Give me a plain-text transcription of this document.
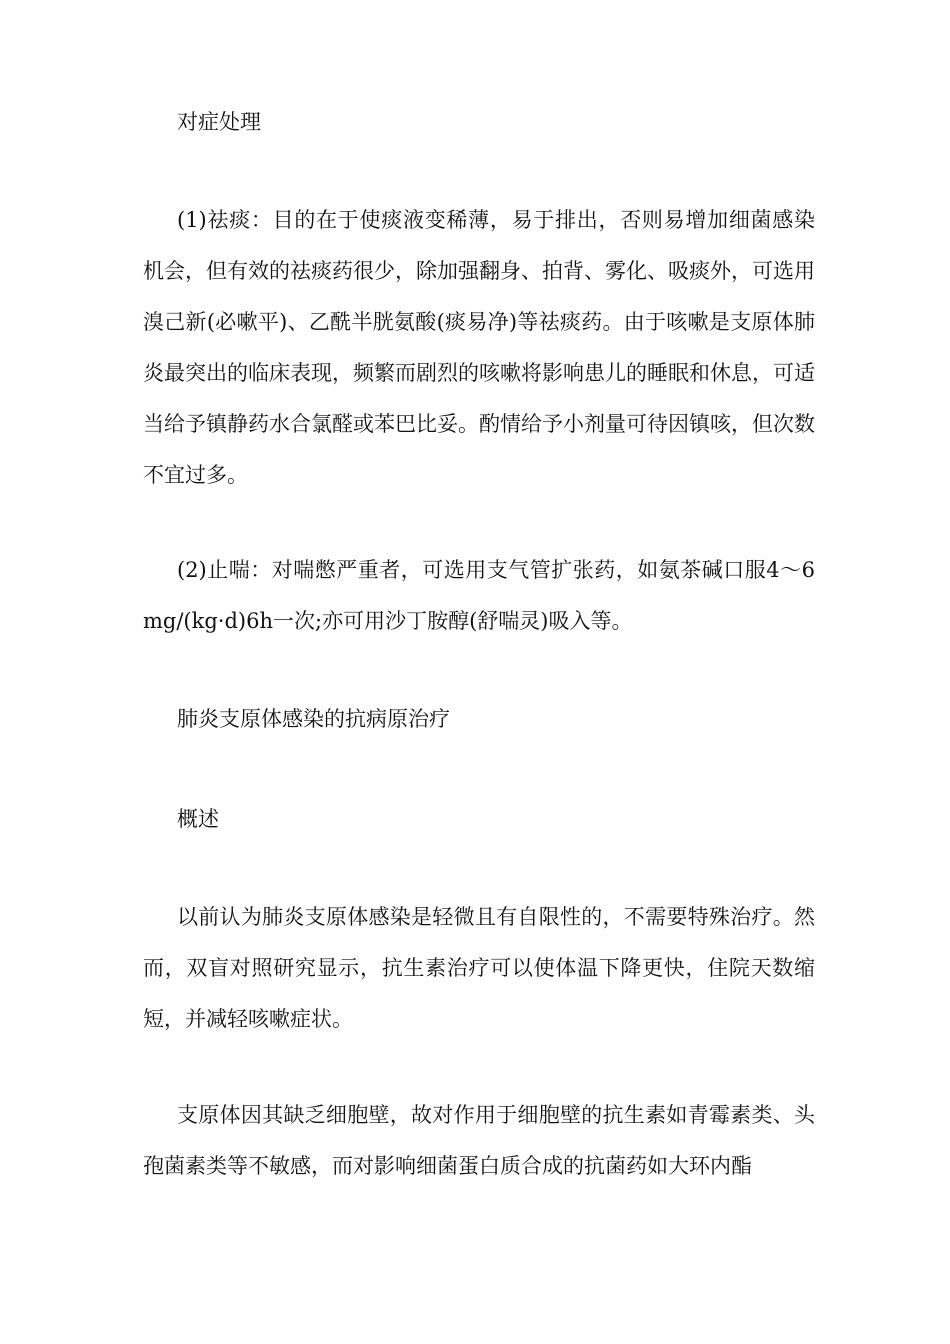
对症处理

(1)祛痰：目的在于使痰液变稀薄，易于排出，否则易增加细菌感染机会，但有效的祛痰药很少，除加强翻身、拍背、雾化、吸痰外，可选用溴己新(必嗽平)、乙酰半胱氨酸(痰易净)等祛痰药。由于咳嗽是支原体肺炎最突出的临床表现，频繁而剧烈的咳嗽将影响患儿的睡眠和休息，可适当给予镇静药水合氯醛或苯巴比妥。酌情给予小剂量可待因镇咳，但次数不宜过多。

(2)止喘：对喘憋严重者，可选用支气管扩张药，如氨茶碱口服4～6mg/(kg·d)6h一次;亦可用沙丁胺醇(舒喘灵)吸入等。

肺炎支原体感染的抗病原治疗

概述

以前认为肺炎支原体感染是轻微且有自限性的，不需要特殊治疗。然而，双盲对照研究显示，抗生素治疗可以使体温下降更快，住院天数缩短，并减轻咳嗽症状。

支原体因其缺乏细胞壁，故对作用于细胞壁的抗生素如青霉素类、头孢菌素类等不敏感，而对影响细菌蛋白质合成的抗菌药如大环内酯
